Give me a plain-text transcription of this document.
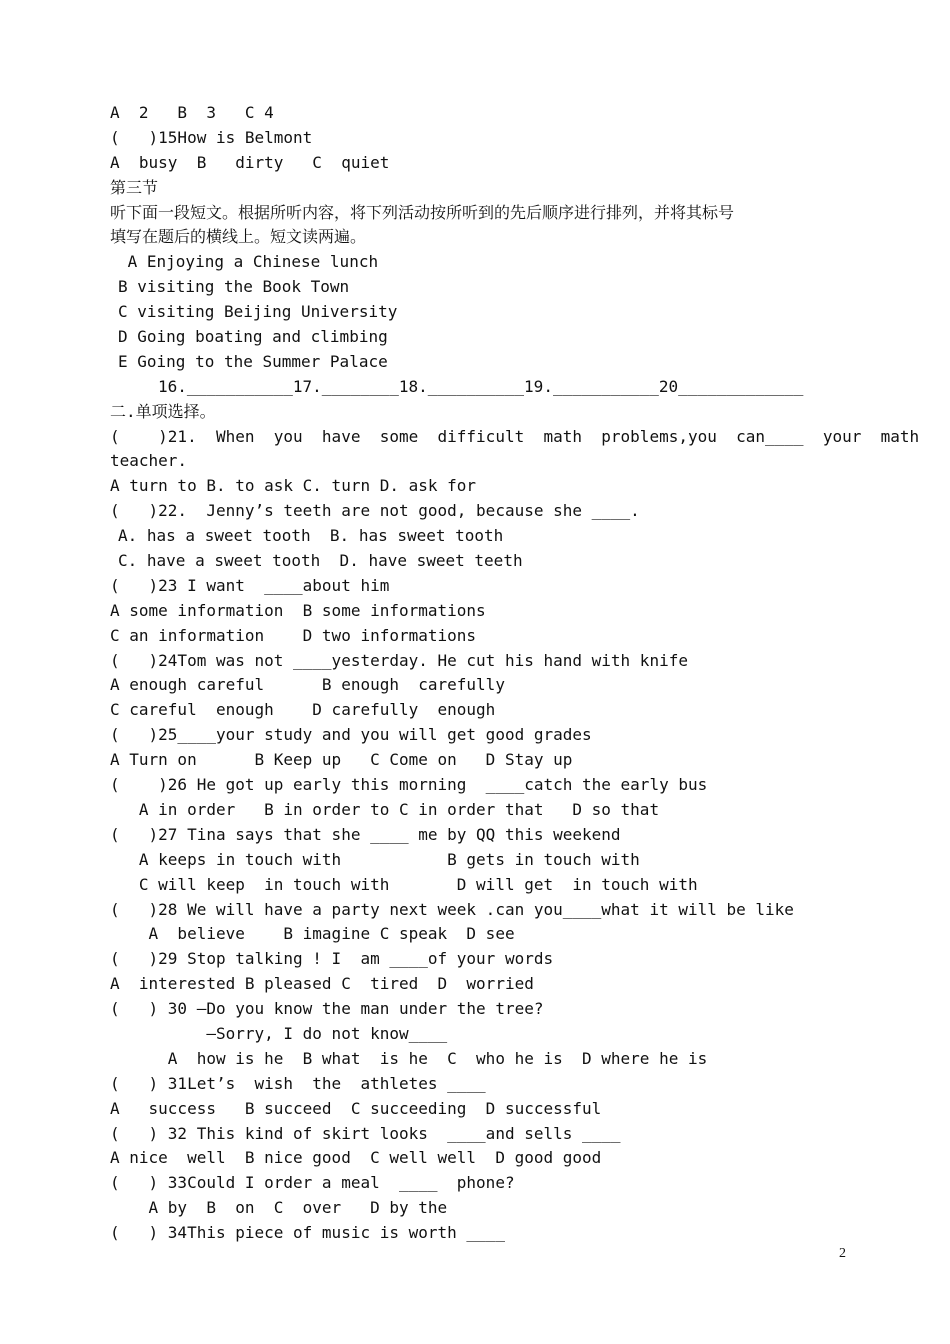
A  2   B  3   C 4
(   )15How is Belmont
A  busy  B   dirty   C  quiet
第三节
听下面一段短文。根据所听内容，将下列活动按所听到的先后顺序进行排列，并将其标号
填写在题后的横线上。短文读两遍。
A Enjoying a Chinese lunch
B visiting the Book Town
C visiting Beijing University
D Going boating and climbing
E Going to the Summer Palace
16.___________17.________18.__________19.___________20_____________
二.单项选择。
(    )21.  When  you  have  some  difficult  math  problems,you  can____  your  math
teacher.
A turn to B. to ask C. turn D. ask for
(   )22.  Jenny’s teeth are not good, because she ____.
A. has a sweet tooth  B. has sweet tooth
C. have a sweet tooth  D. have sweet teeth
(   )23 I want  ____about him
A some information  B some informations
C an information    D two informations
(   )24Tom was not ____yesterday. He cut his hand with knife
A enough careful      B enough  carefully
C careful  enough    D carefully  enough
(   )25____your study and you will get good grades
A Turn on      B Keep up   C Come on   D Stay up
(    )26 He got up early this morning  ____catch the early bus
A in order   B in order to C in order that   D so that
(   )27 Tina says that she ____ me by QQ this weekend
A keeps in touch with           B gets in touch with
C will keep  in touch with       D will get  in touch with
(   )28 We will have a party next week .can you____what it will be like
A  believe    B imagine C speak  D see
(   )29 Stop talking ! I  am ____of your words
A  interested B pleased C  tired  D  worried
(   ) 30 –Do you know the man under the tree?
–Sorry, I do not know____
A  how is he  B what  is he  C  who he is  D where he is
(   ) 31Let’s  wish  the  athletes ____
A   success   B succeed  C succeeding  D successful
(   ) 32 This kind of skirt looks  ____and sells ____
A nice  well  B nice good  C well well  D good good
(   ) 33Could I order a meal  ____  phone?
A by  B  on  C  over   D by the
(   ) 34This piece of music is worth ____
2
